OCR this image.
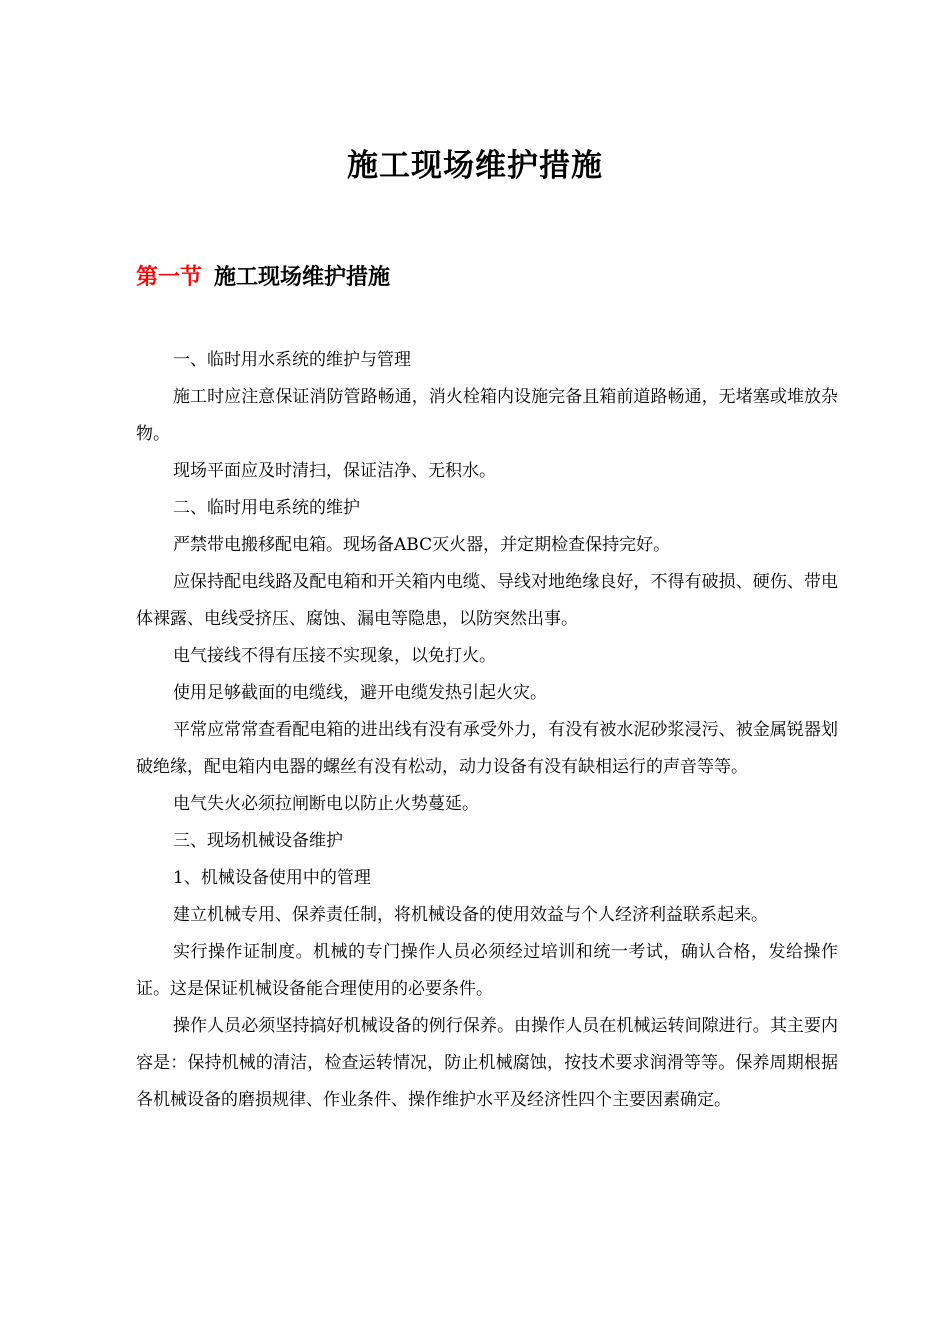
施工现场维护措施
第一节 施工现场维护措施

一、临时用水系统的维护与管理

施工时应注意保证消防管路畅通，消火栓箱内设施完备且箱前道路畅通，无堵塞或堆放杂物。

现场平面应及时清扫，保证洁净、无积水。

二、临时用电系统的维护

严禁带电搬移配电箱。现场备ABC灭火器，并定期检查保持完好。

应保持配电线路及配电箱和开关箱内电缆、导线对地绝缘良好，不得有破损、硬伤、带电体裸露、电线受挤压、腐蚀、漏电等隐患，以防突然出事。

电气接线不得有压接不实现象，以免打火。

使用足够截面的电缆线，避开电缆发热引起火灾。

平常应常常查看配电箱的进出线有没有承受外力，有没有被水泥砂浆浸污、被金属锐器划破绝缘，配电箱内电器的螺丝有没有松动，动力设备有没有缺相运行的声音等等。

电气失火必须拉闸断电以防止火势蔓延。

三、现场机械设备维护

1、机械设备使用中的管理

建立机械专用、保养责任制，将机械设备的使用效益与个人经济利益联系起来。

实行操作证制度。机械的专门操作人员必须经过培训和统一考试，确认合格，发给操作证。这是保证机械设备能合理使用的必要条件。

操作人员必须坚持搞好机械设备的例行保养。由操作人员在机械运转间隙进行。其主要内容是：保持机械的清洁，检查运转情况，防止机械腐蚀，按技术要求润滑等等。保养周期根据各机械设备的磨损规律、作业条件、操作维护水平及经济性四个主要因素确定。
